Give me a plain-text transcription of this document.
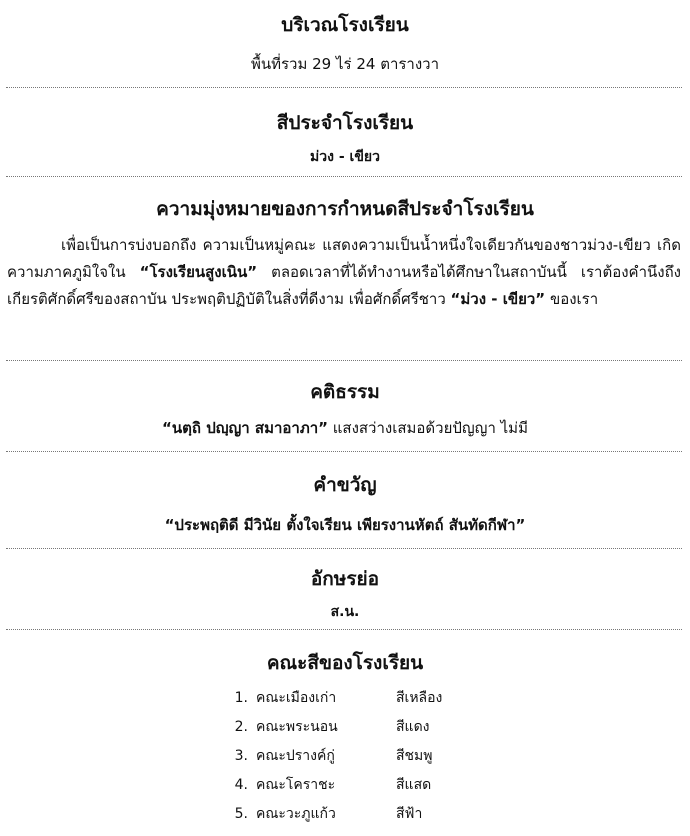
บริเวณโรงเรียน
พื้นที่รวม 29 ไร่ 24 ตารางวา
สีประจำโรงเรียน
ม่วง - เขียว
ความมุ่งหมายของการกำหนดสีประจำโรงเรียน
เพื่อเป็นการบ่งบอกถึง ความเป็นหมู่คณะ แสดงความเป็นน้ำหนึ่งใจเดียวกันของชาวม่วง-เขียว เกิดความภาคภูมิใจใน “โรงเรียนสูงเนิน” ตลอดเวลาที่ได้ทำงานหรือได้ศึกษาในสถาบันนี้ เราต้องคำนึงถึงเกียรติศักดิ์ศรีของสถาบัน ประพฤติปฏิบัติในสิ่งที่ดีงาม เพื่อศักดิ์ศรีชาว “ม่วง - เขียว” ของเรา
คติธรรม
“นตฺถิ ปญฺญา สมาอาภา” แสงสว่างเสมอด้วยปัญญา ไม่มี
คำขวัญ
“ประพฤติดี มีวินัย ตั้งใจเรียน เพียรงานหัตถ์ สันทัดกีฬา”
อักษรย่อ
ส.น.
คณะสีของโรงเรียน
1. คณะเมืองเก่า	สีเหลือง
2. คณะพระนอน	สีแดง
3. คณะปรางค์กู่	สีชมพู
4. คณะโคราชะ	สีแสด
5. คณะวะภูแก้ว	สีฟ้า
